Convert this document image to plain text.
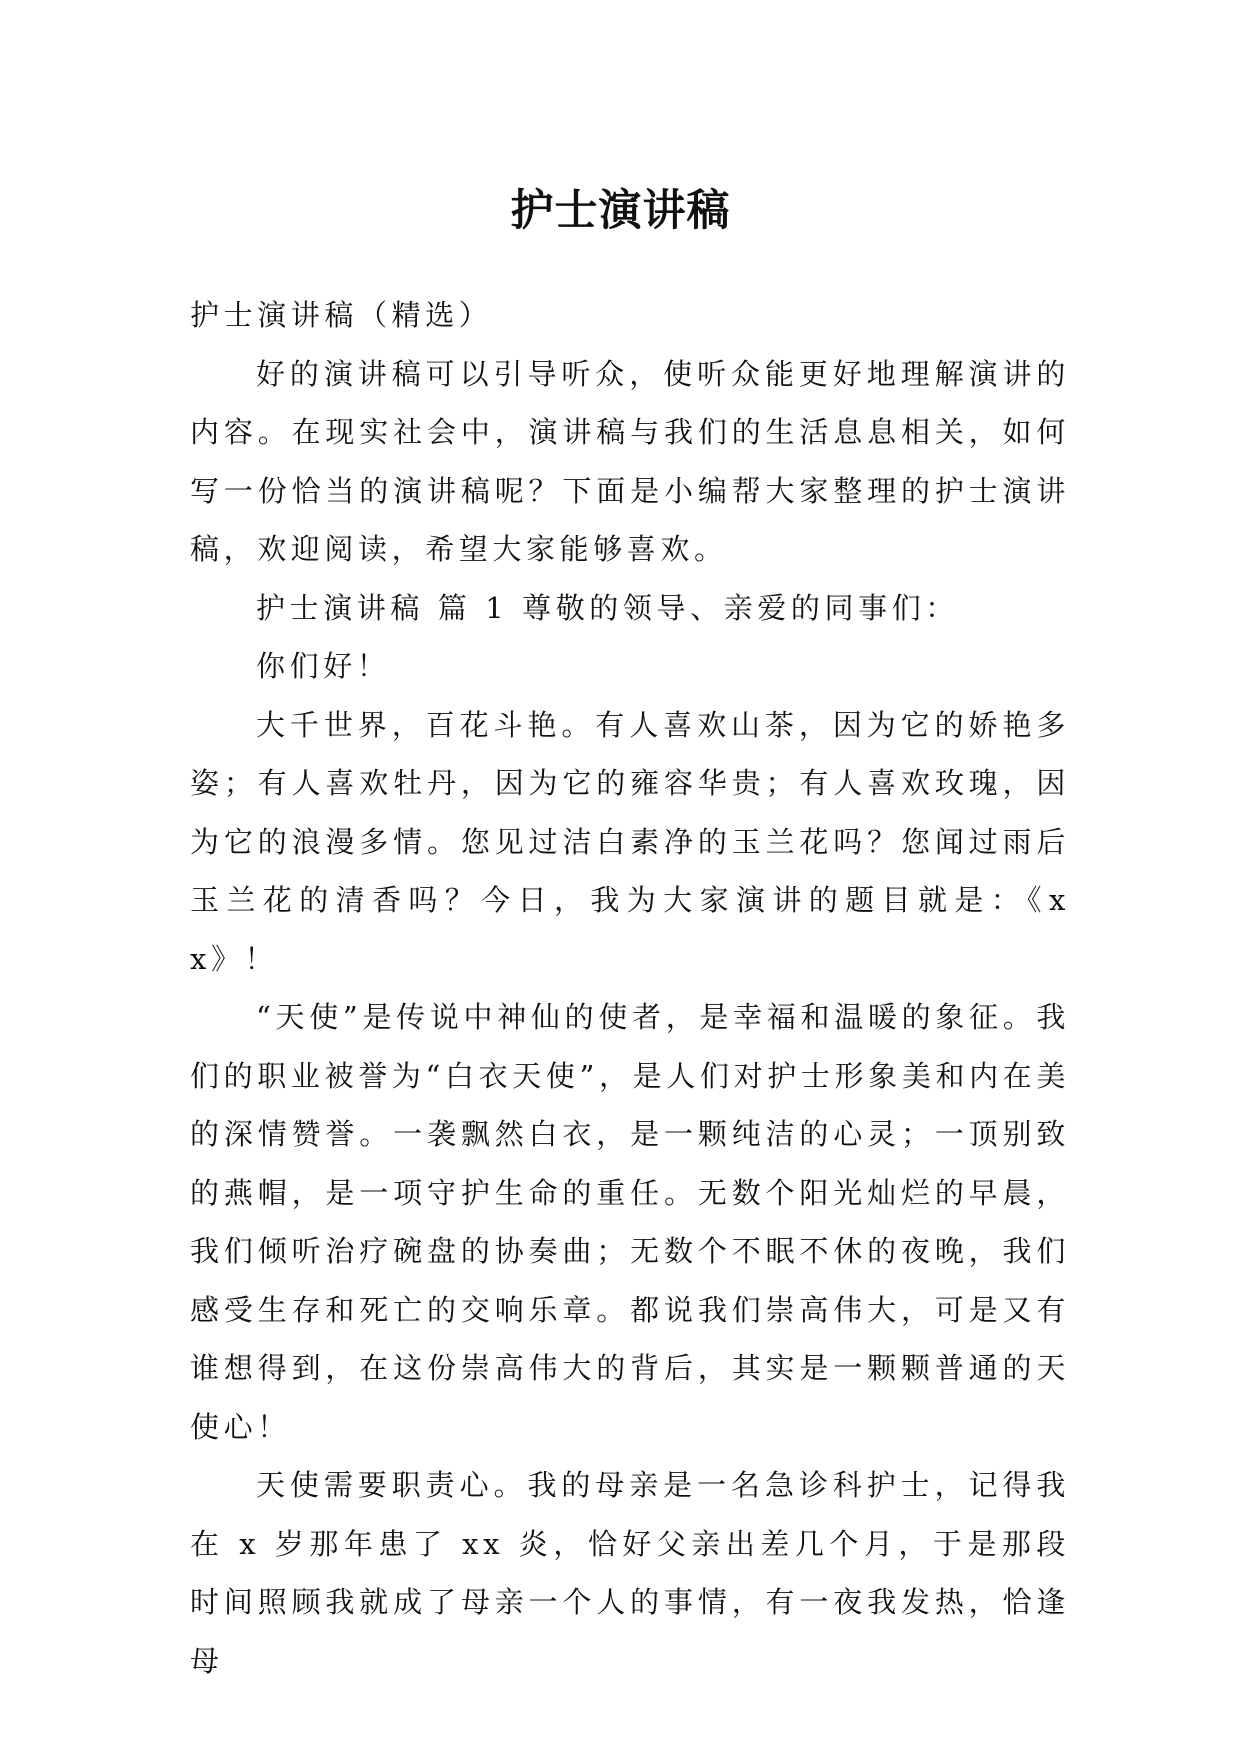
护士演讲稿

护士演讲稿（精选）

好的演讲稿可以引导听众，使听众能更好地理解演讲的内容。在现实社会中，演讲稿与我们的生活息息相关，如何写一份恰当的演讲稿呢？下面是小编帮大家整理的护士演讲稿，欢迎阅读，希望大家能够喜欢。

护士演讲稿 篇 1 尊敬的领导、亲爱的同事们：

你们好！

大千世界，百花斗艳。有人喜欢山茶，因为它的娇艳多姿；有人喜欢牡丹，因为它的雍容华贵；有人喜欢玫瑰，因为它的浪漫多情。您见过洁白素净的玉兰花吗？您闻过雨后玉兰花的清香吗？今日，我为大家演讲的题目就是：《xx》！

“天使”是传说中神仙的使者，是幸福和温暖的象征。我们的职业被誉为“白衣天使”，是人们对护士形象美和内在美的深情赞誉。一袭飘然白衣，是一颗纯洁的心灵；一顶别致的燕帽，是一项守护生命的重任。无数个阳光灿烂的早晨，我们倾听治疗碗盘的协奏曲；无数个不眠不休的夜晚，我们感受生存和死亡的交响乐章。都说我们崇高伟大，可是又有谁想得到，在这份崇高伟大的背后，其实是一颗颗普通的天使心！

天使需要职责心。我的母亲是一名急诊科护士，记得我在 x 岁那年患了 xx 炎，恰好父亲出差几个月，于是那段时间照顾我就成了母亲一个人的事情，有一夜我发热，恰逢母
